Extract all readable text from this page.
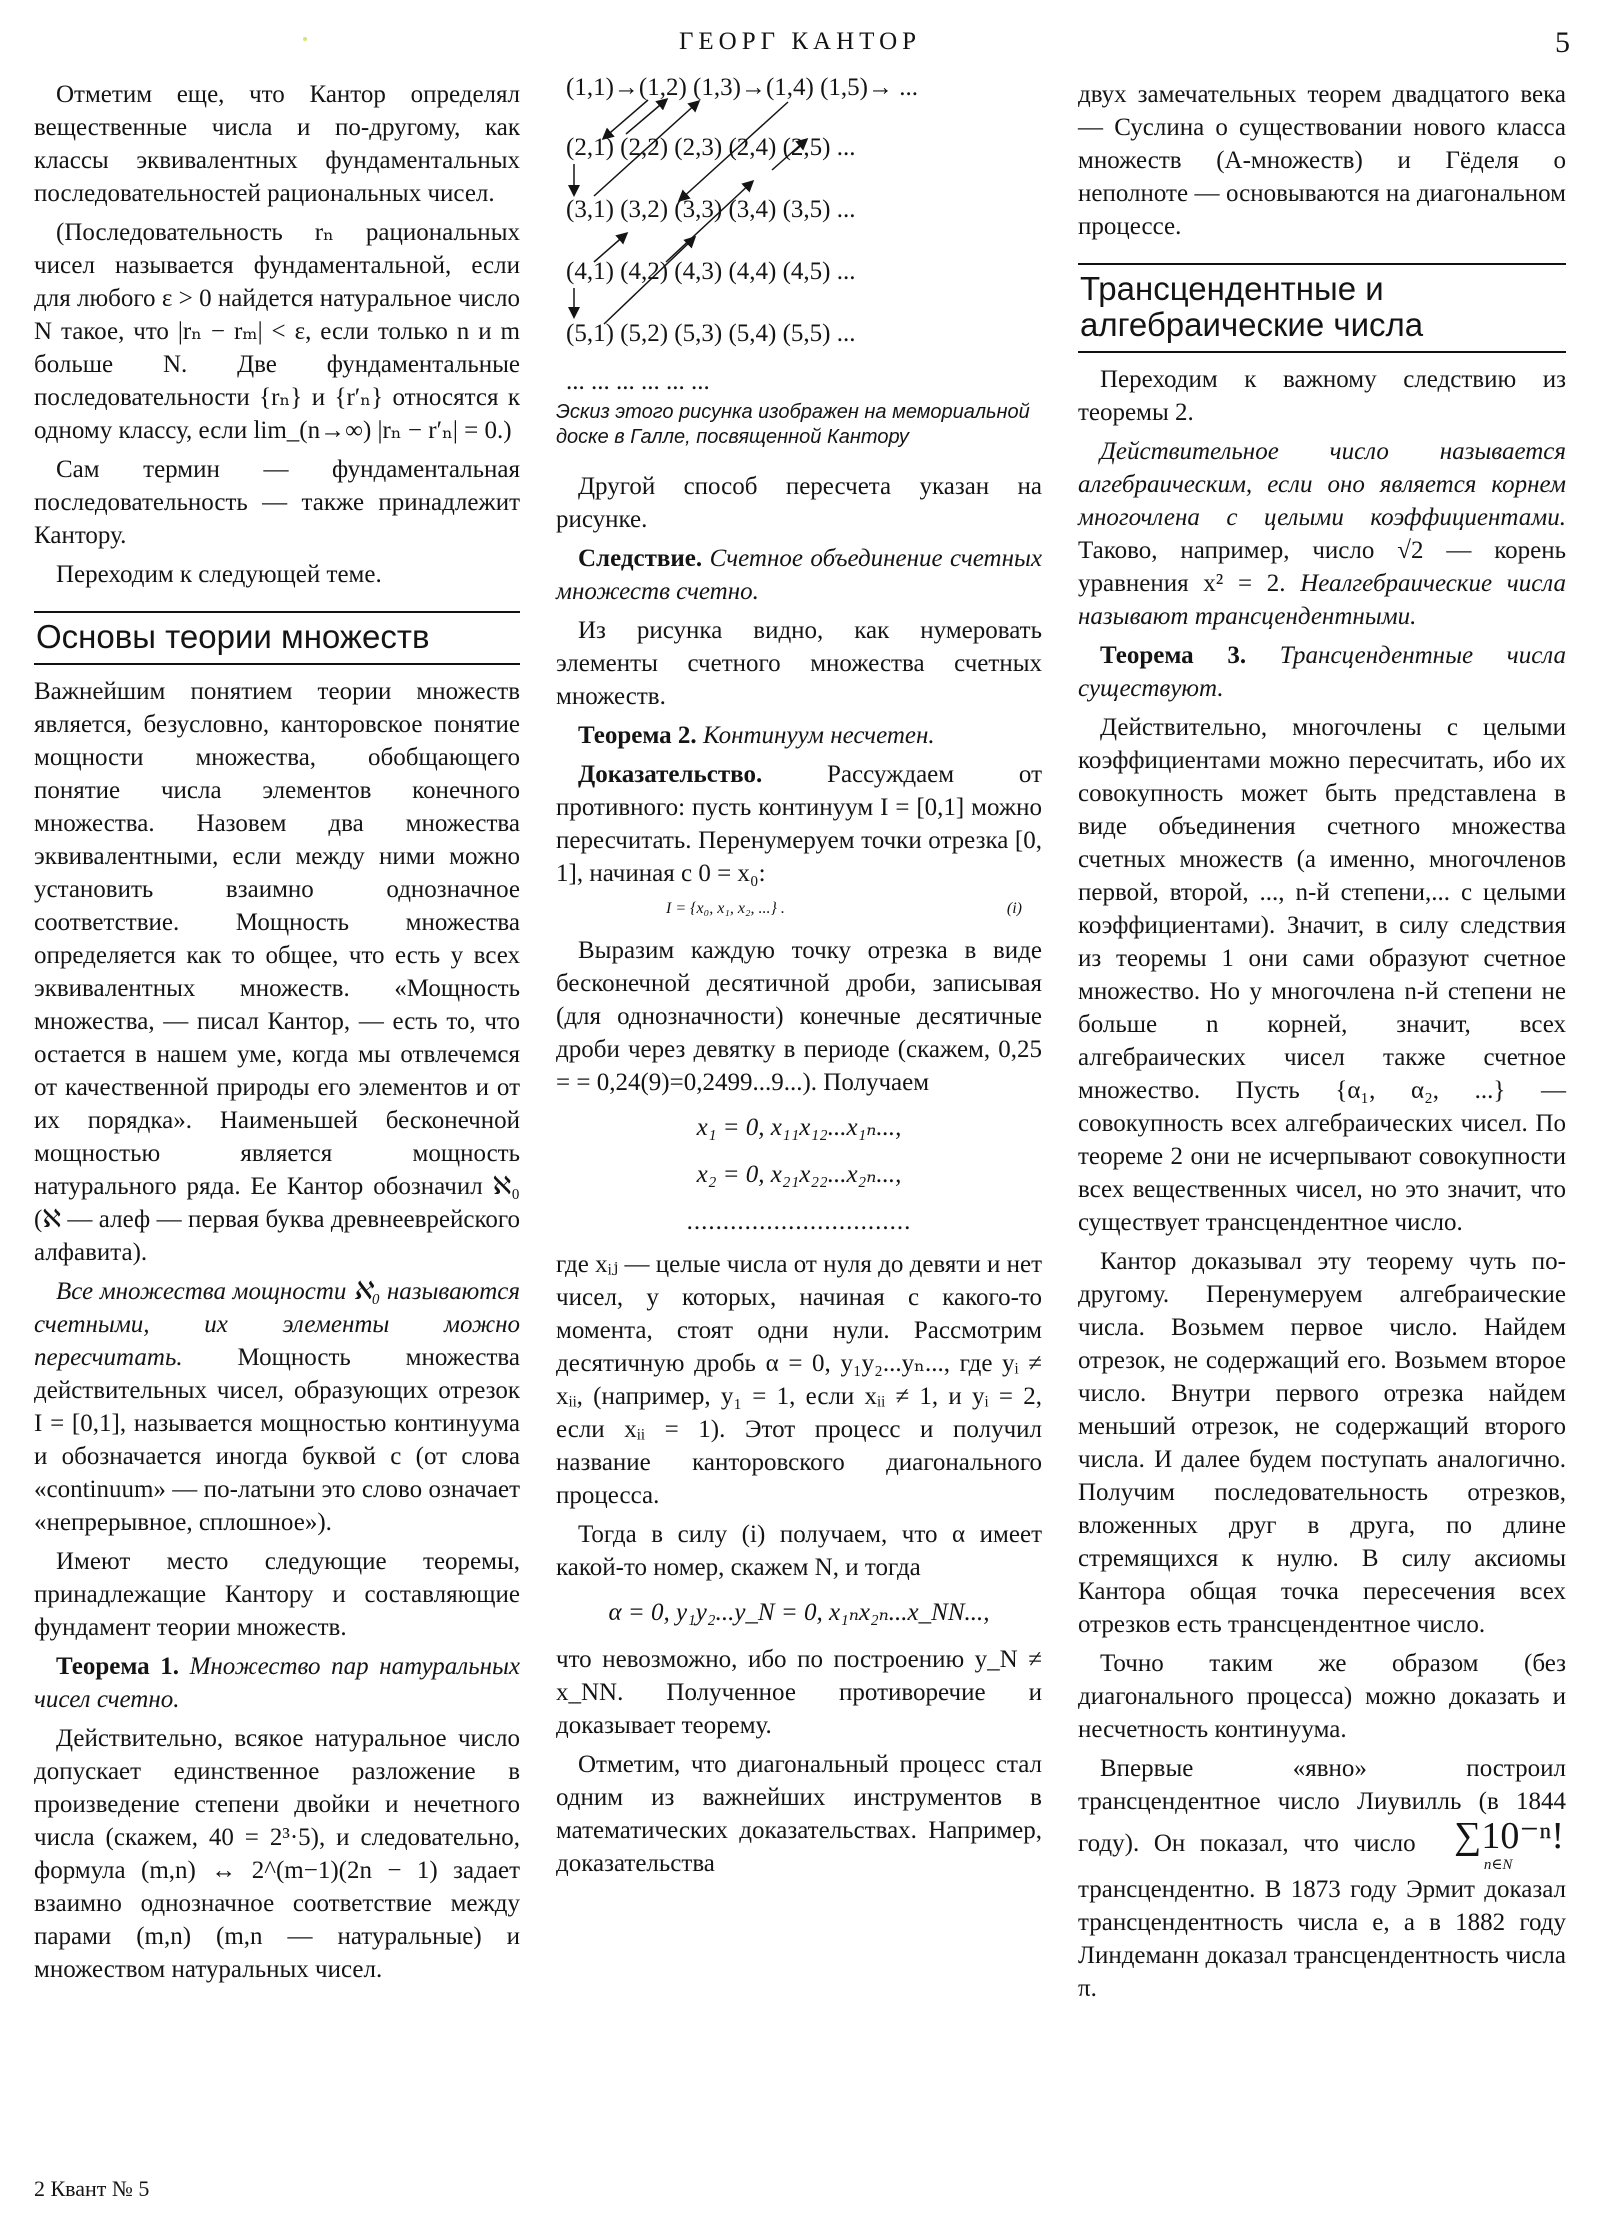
ГЕОРГ КАНТОР	5

Отметим еще, что Кантор определял вещественные числа и по-другому, как классы эквивалентных фундаментальных последовательностей рациональных чисел.

(Последовательность rₙ рациональных чисел называется фундаментальной, если для любого ε > 0 найдется натуральное число N такое, что |rₙ − rₘ| < ε, если только n и m больше N. Две фундаментальные последовательности {rₙ} и {r′ₙ} относятся к одному классу, если lim_(n→∞) |rₙ − r′ₙ| = 0.)

Сам термин — фундаментальная последовательность — также принадлежит Кантору.

Переходим к следующей теме.

Основы теории множеств

Важнейшим понятием теории множеств является, безусловно, канторовское понятие мощности множества, обобщающего понятие числа элементов конечного множества. Назовем два множества эквивалентными, если между ними можно установить взаимно однозначное соответствие. Мощность множества определяется как то общее, что есть у всех эквивалентных множеств. «Мощность множества, — писал Кантор, — есть то, что остается в нашем уме, когда мы отвлечемся от качественной природы его элементов и от их порядка». Наименьшей бесконечной мощностью является мощность натурального ряда. Ее Кантор обозначил ℵ₀ (ℵ — алеф — первая буква древнееврейского алфавита).

Все множества мощности ℵ₀ называются счетными, их элементы можно пересчитать. Мощность множества действительных чисел, образующих отрезок I = [0,1], называется мощностью континуума и обозначается иногда буквой c (от слова «continuum» — по-латыни это слово означает «непрерывное, сплошное»).

Имеют место следующие теоремы, принадлежащие Кантору и составляющие фундамент теории множеств.

Теорема 1. Множество пар натуральных чисел счетно.

Действительно, всякое натуральное число допускает единственное разложение в произведение степени двойки и нечетного числа (скажем, 40 = 2³·5), и следовательно, формула (m,n) ↔ 2^(m−1)(2n − 1) задает взаимно однозначное соответствие между парами (m,n) (m,n — натуральные) и множеством натуральных чисел.

(1,1)→(1,2) (1,3)→(1,4) (1,5)→ ...
(2,1) (2,2) (2,3) (2,4) (2,5) ...
(3,1) (3,2) (3,3) (3,4) (3,5) ...
(4,1) (4,2) (4,3) (4,4) (4,5) ...
(5,1) (5,2) (5,3) (5,4) (5,5) ...
... ... ... ... ... ...

Эскиз этого рисунка изображен на мемориальной доске в Галле, посвященной Кантору

Другой способ пересчета указан на рисунке.

Следствие. Счетное объединение счетных множеств счетно.

Из рисунка видно, как нумеровать элементы счетного множества счетных множеств.

Теорема 2. Континуум несчетен.

Доказательство.	Рассуждаем от противного: пусть континуум I = [0,1] можно пересчитать. Перенумеруем точки отрезка [0, 1], начиная с 0 = x₀:

I = {x₀, x₁, x₂, ...} .	(i)

Выразим каждую точку отрезка в виде бесконечной десятичной дроби, записывая (для однозначности) конечные десятичные дроби через девятку в периоде (скажем, 0,25 = = 0,24(9)=0,2499...9...). Получаем

x₁ = 0, x₁₁x₁₂...x₁ₙ...,

x₂ = 0, x₂₁x₂₂...x₂ₙ...,

...............................

где xᵢⱼ — целые числа от нуля до девяти и нет чисел, у которых, начиная с какого-то момента, стоят одни нули. Рассмотрим десятичную дробь α = 0, y₁y₂...yₙ..., где yᵢ ≠ xᵢᵢ, (например, y₁ = 1, если xᵢᵢ ≠ 1, и yᵢ = 2, если xᵢᵢ = 1). Этот процесс и получил название канторовского диагонального процесса.

Тогда в силу (i) получаем, что α имеет какой-то номер, скажем N, и тогда

α = 0, y₁y₂...y_N = 0, x₁ₙx₂ₙ...x_NN...,

что невозможно, ибо по построению y_N ≠ x_NN. Полученное противоречие и доказывает теорему.

Отметим, что диагональный процесс стал одним из важнейших инструментов в математических доказательствах. Например, доказательства

двух замечательных теорем двадцатого века — Суслина о существовании нового класса множеств (A-множеств) и Гёделя о неполноте — основываются на диагональном процессе.

Трансцендентные и алгебраические числа

Переходим к важному следствию из теоремы 2.

Действительное число называется алгебраическим, если оно является корнем многочлена с целыми коэффициентами. Таково, например, число √2 — корень уравнения x² = 2. Неалгебраические числа называют трансцендентными.

Теорема 3. Трансцендентные числа существуют.

Действительно, многочлены с целыми коэффициентами можно пересчитать, ибо их совокупность может быть представлена в виде объединения счетного множества счетных множеств (а именно, многочленов первой, второй, ..., n-й степени,... с целыми коэффициентами). Значит, в силу следствия из теоремы 1 они сами образуют счетное множество. Но у многочлена n-й степени не больше n корней, значит, всех алгебраических чисел также счетное множество. Пусть {α₁, α₂, ...} — совокупность всех алгебраических чисел. По теореме 2 они не исчерпывают совокупности всех вещественных чисел, но это значит, что существует трансцендентное число.

Кантор доказывал эту теорему чуть по-другому. Перенумеруем алгебраические числа. Возьмем первое число. Найдем отрезок, не содержащий его. Возьмем второе число. Внутри первого отрезка найдем меньший отрезок, не содержащий второго числа. И далее будем поступать аналогично. Получим последовательность отрезков, вложенных друг в друга, по длине стремящихся к нулю. В силу аксиомы Кантора общая точка пересечения всех отрезков есть трансцендентное число.

Точно таким же образом (без диагонального процесса) можно доказать и несчетность континуума.

Впервые «явно» построил трансцендентное число Лиувилль (в 1844 году). Он показал, что число ∑10⁻ⁿ!
n∈N трансцендентно. В 1873 году Эрмит доказал трансцендентность числа e, а в 1882 году Линдеманн доказал трансцендентность числа π.

2 Квант № 5
